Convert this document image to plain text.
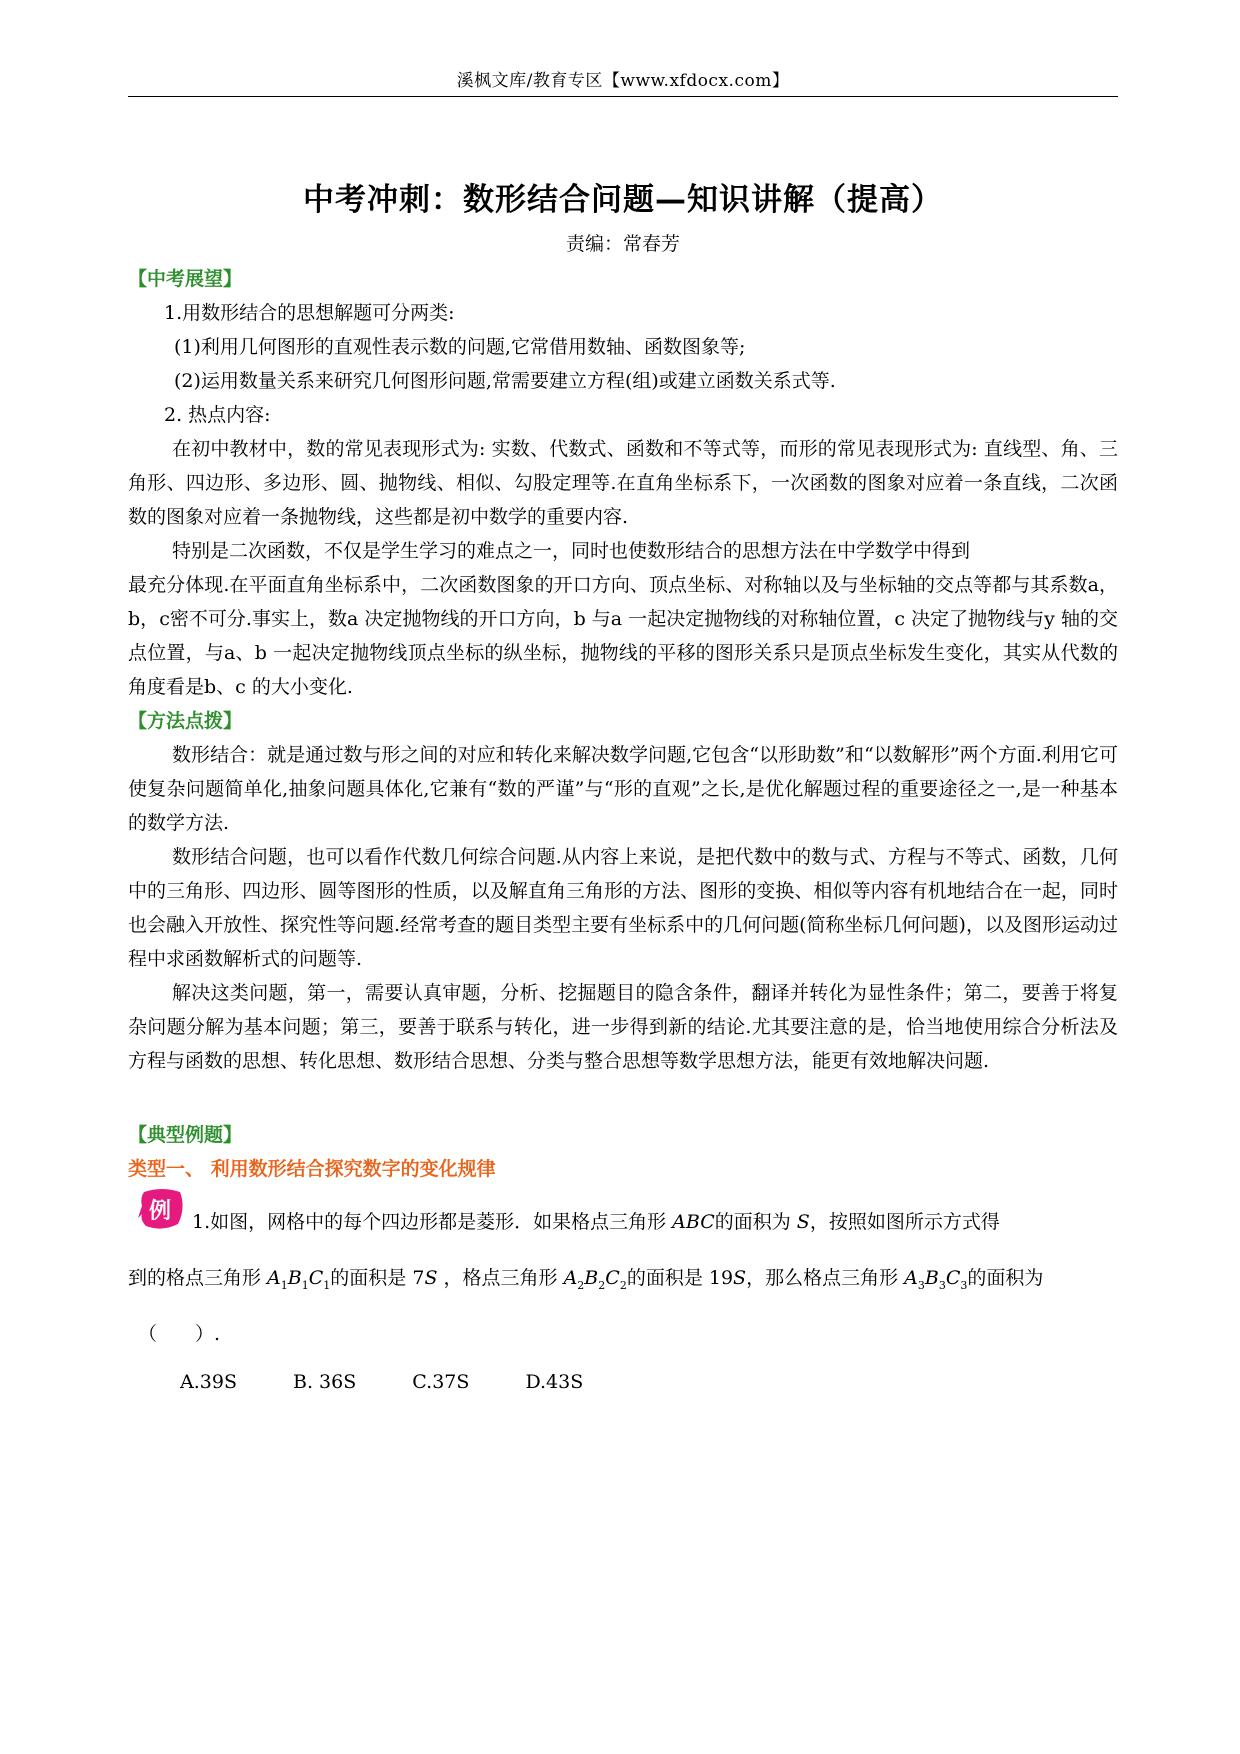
溪枫文库/教育专区【www.xfdocx.com】
中考冲刺：数形结合问题—知识讲解（提高）
责编：常春芳
【中考展望】

1.用数形结合的思想解题可分两类:

(1)利用几何图形的直观性表示数的问题,它常借用数轴、函数图象等;

(2)运用数量关系来研究几何图形问题,常需要建立方程(组)或建立函数关系式等.

2. 热点内容:

在初中教材中，数的常见表现形式为: 实数、代数式、函数和不等式等，而形的常见表现形式为: 直线型、角、三角形、四边形、多边形、圆、抛物线、相似、勾股定理等.在直角坐标系下，一次函数的图象对应着一条直线，二次函数的图象对应着一条抛物线，这些都是初中数学的重要内容.

特别是二次函数，不仅是学生学习的难点之一，同时也使数形结合的思想方法在中学数学中得到

最充分体现.在平面直角坐标系中，二次函数图象的开口方向、顶点坐标、对称轴以及与坐标轴的交点等都与其系数a，b，c密不可分.事实上，数a 决定抛物线的开口方向，b 与a 一起决定抛物线的对称轴位置，c 决定了抛物线与y 轴的交点位置，与a、b 一起决定抛物线顶点坐标的纵坐标，抛物线的平移的图形关系只是顶点坐标发生变化，其实从代数的角度看是b、c 的大小变化.

【方法点拨】

数形结合：就是通过数与形之间的对应和转化来解决数学问题,它包含“以形助数”和“以数解形”两个方面.利用它可使复杂问题简单化,抽象问题具体化,它兼有“数的严谨”与“形的直观”之长,是优化解题过程的重要途径之一,是一种基本的数学方法.

数形结合问题，也可以看作代数几何综合问题.从内容上来说，是把代数中的数与式、方程与不等式、函数，几何中的三角形、四边形、圆等图形的性质，以及解直角三角形的方法、图形的变换、相似等内容有机地结合在一起，同时也会融入开放性、探究性等问题.经常考查的题目类型主要有坐标系中的几何问题(简称坐标几何问题)，以及图形运动过程中求函数解析式的问题等.

解决这类问题，第一，需要认真审题，分析、挖掘题目的隐含条件，翻译并转化为显性条件；第二，要善于将复杂问题分解为基本问题；第三，要善于联系与转化，进一步得到新的结论.尤其要注意的是，恰当地使用综合分析法及方程与函数的思想、转化思想、数形结合思想、分类与整合思想等数学思想方法，能更有效地解决问题.

【典型例题】
类型一、 利用数形结合探究数字的变化规律
例	1.如图，网格中的每个四边形都是菱形．如果格点三角形 ABC的面积为 S，按照如图所示方式得
到的格点三角形 $A_1B_1C_1$的面积是 7S ，格点三角形 $A_2B_2C_2$的面积是 19S，那么格点三角形 $A_3B_3C_3$的面积为
（　　）.
A.39S	B. 36S	C.37S	D.43S
